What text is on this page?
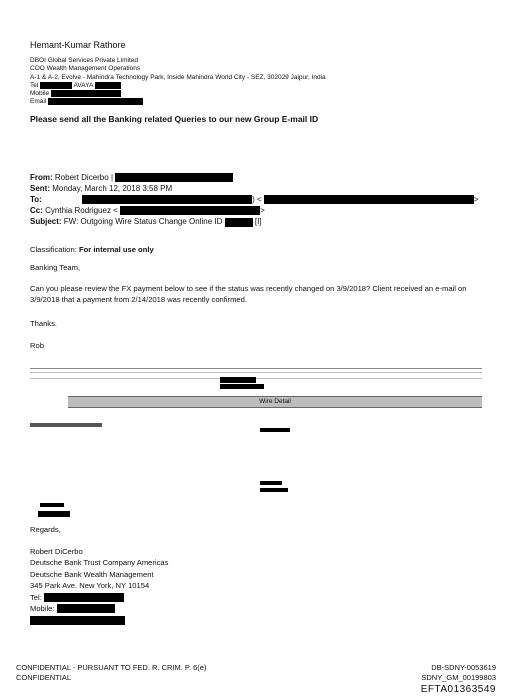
Hemant-Kumar Rathore
DBOI Global Services Private Limited
COO Wealth Management Operations
A-1 & A-2, Evolve - Mahindra Technology Park, Inside Mahindra World City - SEZ, 302029 Jaipur, India
Tel	AVAYA
Mobile
Email
Please send all the Banking related Queries to our new Group E-mail ID
From: Robert Dicerbo |
Sent: Monday, March 12, 2018 3:58 PM
To:	) <	>
Cc: Cynthia Rodriguez <	>
Subject: FW: Outgoing Wire Status Change Online ID	[I]
Classification: For internal use only
Banking Team,
Can you please review the FX payment below to see if the status was recently changed on 3/9/2018? Client received an e-mail on 3/9/2018 that a payment from 2/14/2018 was recently confirmed.
Thanks.
Rob
Wire Detail
Regards,
Robert DiCerbo
Deutsche Bank Trust Company Americas
Deutsche Bank Wealth Management
345 Park Ave. New York, NY 10154
Tel:
Mobile:
CONFIDENTIAL - PURSUANT TO FED. R. CRIM. P. 6(e)
CONFIDENTIAL
DB-SDNY-0053619
SDNY_GM_00199803
EFTA01363549
